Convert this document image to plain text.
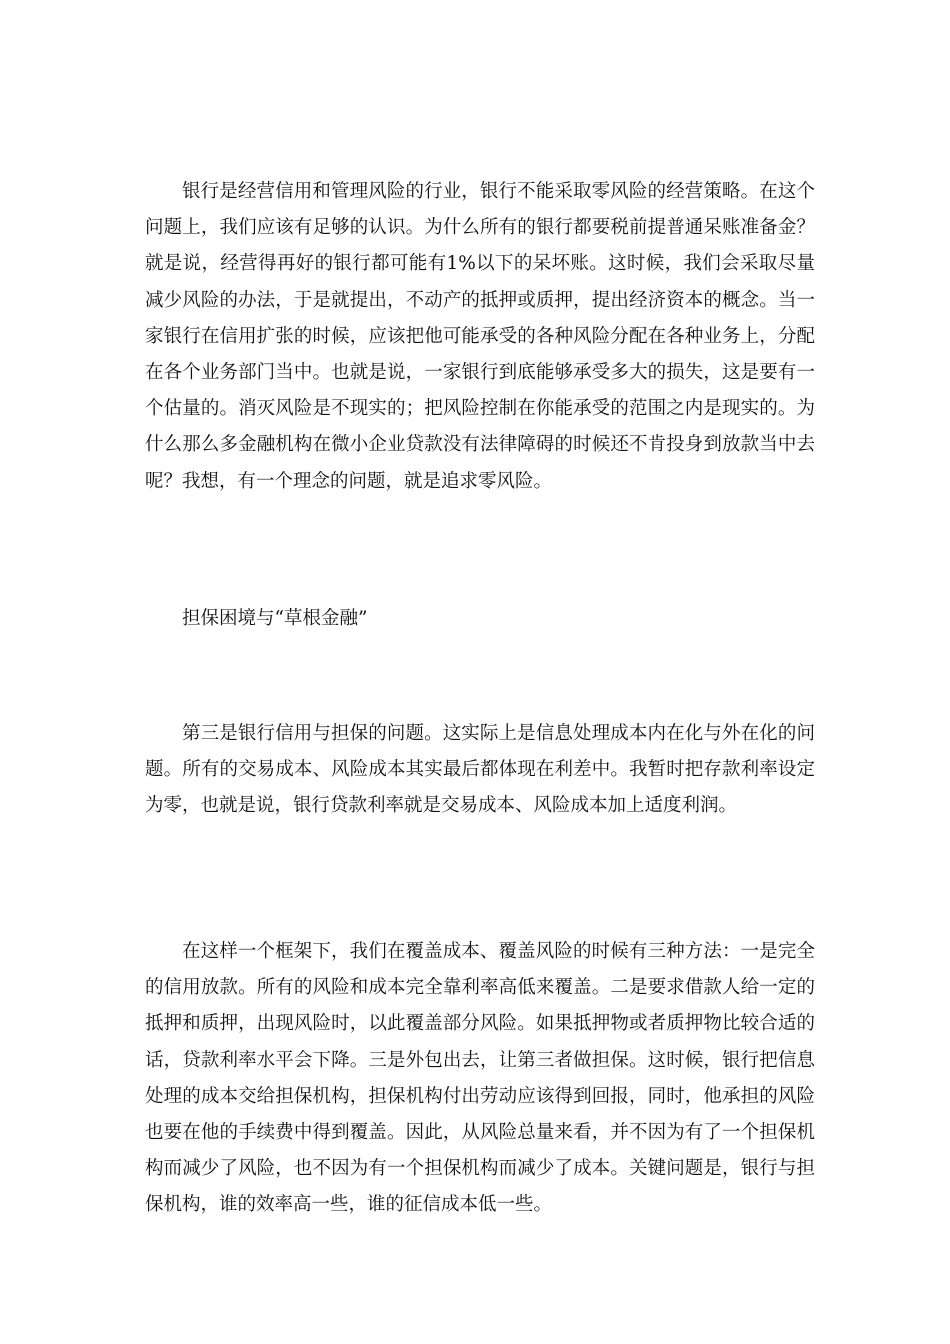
银行是经营信用和管理风险的行业，银行不能采取零风险的经营策略。在这个问题上，我们应该有足够的认识。为什么所有的银行都要税前提普通呆账准备金？就是说，经营得再好的银行都可能有1%以下的呆坏账。这时候，我们会采取尽量减少风险的办法，于是就提出，不动产的抵押或质押，提出经济资本的概念。当一家银行在信用扩张的时候，应该把他可能承受的各种风险分配在各种业务上，分配在各个业务部门当中。也就是说，一家银行到底能够承受多大的损失，这是要有一个估量的。消灭风险是不现实的；把风险控制在你能承受的范围之内是现实的。为什么那么多金融机构在微小企业贷款没有法律障碍的时候还不肯投身到放款当中去呢？我想，有一个理念的问题，就是追求零风险。

担保困境与“草根金融”

第三是银行信用与担保的问题。这实际上是信息处理成本内在化与外在化的问题。所有的交易成本、风险成本其实最后都体现在利差中。我暂时把存款利率设定为零，也就是说，银行贷款利率就是交易成本、风险成本加上适度利润。

在这样一个框架下，我们在覆盖成本、覆盖风险的时候有三种方法：一是完全的信用放款。所有的风险和成本完全靠利率高低来覆盖。二是要求借款人给一定的抵押和质押，出现风险时，以此覆盖部分风险。如果抵押物或者质押物比较合适的话，贷款利率水平会下降。三是外包出去，让第三者做担保。这时候，银行把信息处理的成本交给担保机构，担保机构付出劳动应该得到回报，同时，他承担的风险也要在他的手续费中得到覆盖。因此，从风险总量来看，并不因为有了一个担保机构而减少了风险，也不因为有一个担保机构而减少了成本。关键问题是，银行与担保机构，谁的效率高一些，谁的征信成本低一些。
